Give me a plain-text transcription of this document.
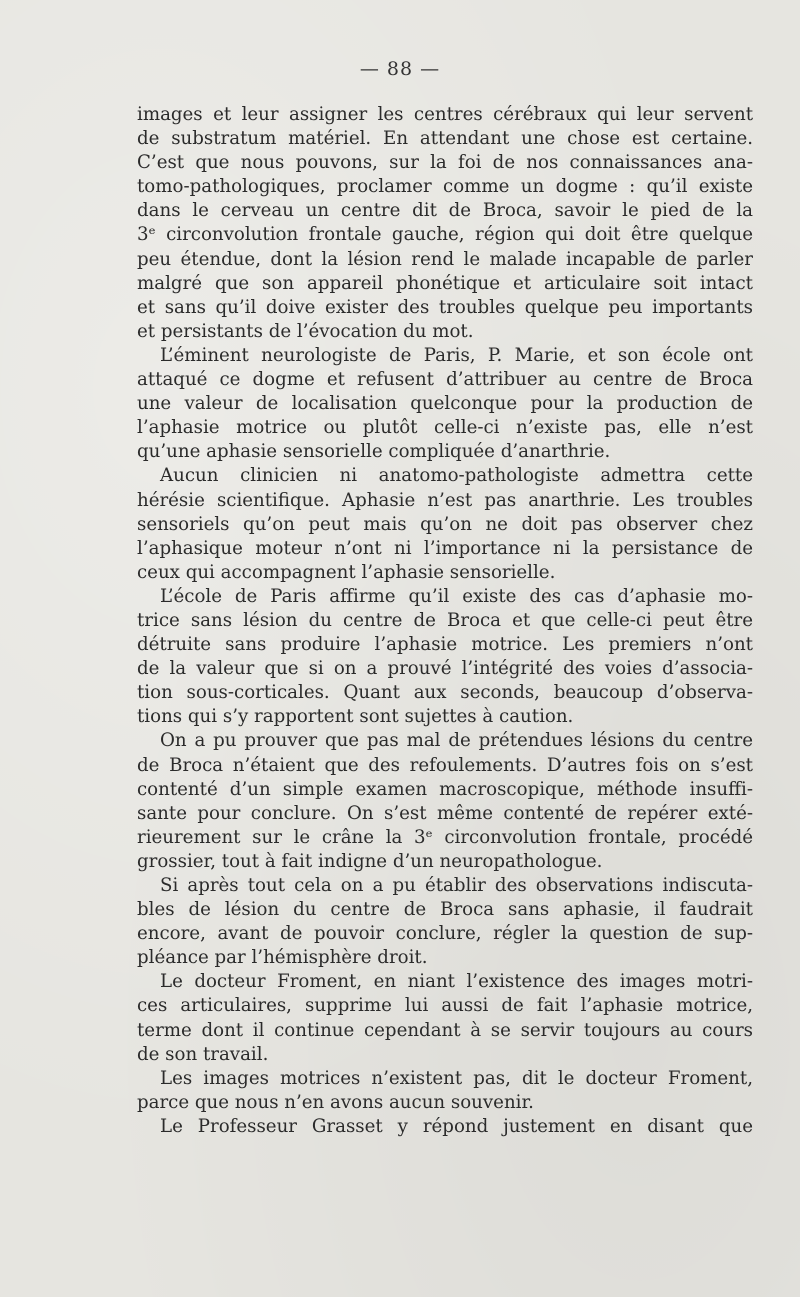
— 88 —
images et leur assigner les centres cérébraux qui leur servent
de substratum matériel. En attendant une chose est certaine.
C’est que nous pouvons, sur la foi de nos connaissances ana-
tomo-pathologiques, proclamer comme un dogme : qu’il existe
dans le cerveau un centre dit de Broca, savoir le pied de la
3ᵉ circonvolution frontale gauche, région qui doit être quelque
peu étendue, dont la lésion rend le malade incapable de parler
malgré que son appareil phonétique et articulaire soit intact
et sans qu’il doive exister des troubles quelque peu importants
et persistants de l’évocation du mot.
L’éminent neurologiste de Paris, P. Marie, et son école ont
attaqué ce dogme et refusent d’attribuer au centre de Broca
une valeur de localisation quelconque pour la production de
l’aphasie motrice ou plutôt celle-ci n’existe pas, elle n’est
qu’une aphasie sensorielle compliquée d’anarthrie.
Aucun clinicien ni anatomo-pathologiste admettra cette
hérésie scientifique. Aphasie n’est pas anarthrie. Les troubles
sensoriels qu’on peut mais qu’on ne doit pas observer chez
l’aphasique moteur n’ont ni l’importance ni la persistance de
ceux qui accompagnent l’aphasie sensorielle.
L’école de Paris affirme qu’il existe des cas d’aphasie mo-
trice sans lésion du centre de Broca et que celle-ci peut être
détruite sans produire l’aphasie motrice. Les premiers n’ont
de la valeur que si on a prouvé l’intégrité des voies d’associa-
tion sous-corticales. Quant aux seconds, beaucoup d’observa-
tions qui s’y rapportent sont sujettes à caution.
On a pu prouver que pas mal de prétendues lésions du centre
de Broca n’étaient que des refoulements. D’autres fois on s’est
contenté d’un simple examen macroscopique, méthode insuffi-
sante pour conclure. On s’est même contenté de repérer exté-
rieurement sur le crâne la 3ᵉ circonvolution frontale, procédé
grossier, tout à fait indigne d’un neuropathologue.
Si après tout cela on a pu établir des observations indiscuta-
bles de lésion du centre de Broca sans aphasie, il faudrait
encore, avant de pouvoir conclure, régler la question de sup-
pléance par l’hémisphère droit.
Le docteur Froment, en niant l’existence des images motri-
ces articulaires, supprime lui aussi de fait l’aphasie motrice,
terme dont il continue cependant à se servir toujours au cours
de son travail.
Les images motrices n’existent pas, dit le docteur Froment,
parce que nous n’en avons aucun souvenir.
Le Professeur Grasset y répond justement en disant que
